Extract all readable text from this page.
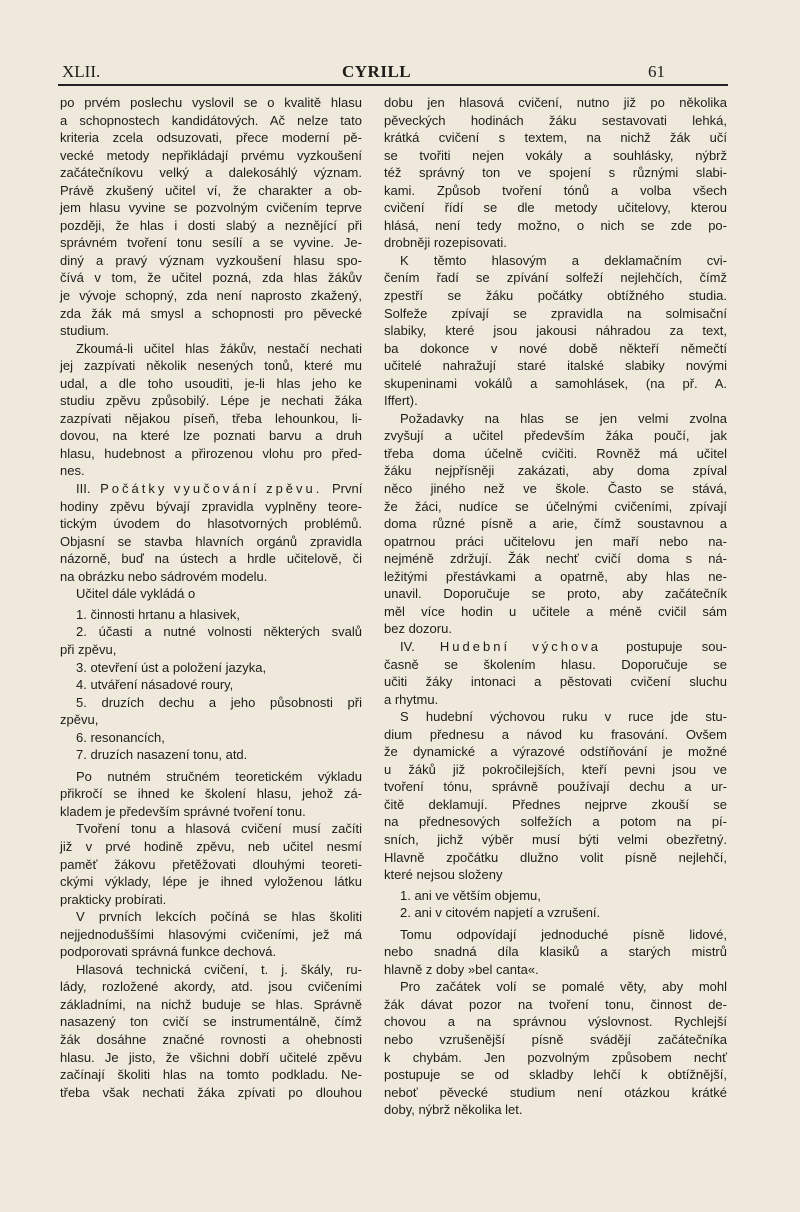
XLII.	CYRILL	61
po prvém poslechu vyslovil se o kvalitě hlasu
a schopnostech kandidátových. Ač nelze tato
kriteria zcela odsuzovati, přece moderní pě-
vecké metody nepřikládají prvému vyzkoušení
začátečníkovu velký a dalekosáhlý význam.
Právě zkušený učitel ví, že charakter a ob-
jem hlasu vyvine se pozvolným cvičením teprve
později, že hlas i dosti slabý a neznějící při
správném tvoření tonu sesílí a se vyvine. Je-
diný a pravý význam vyzkoušení hlasu spo-
čívá v tom, že učitel pozná, zda hlas žákův
je vývoje schopný, zda není naprosto zkažený,
zda žák má smysl a schopnosti pro pěvecké
studium.
Zkoumá-li učitel hlas žákův, nestačí nechati
jej zazpívati několik nesených tonů, které mu
udal, a dle toho usouditi, je-li hlas jeho ke
studiu zpěvu způsobilý. Lépe je nechati žáka
zazpívati nějakou píseň, třeba lehounkou, li-
dovou, na které lze poznati barvu a druh
hlasu, hudebnost a přirozenou vlohu pro před-
nes.
III. Počátky vyučování zpěvu. První
hodiny zpěvu bývají zpravidla vyplněny teore-
tickým úvodem do hlasotvorných problémů.
Objasní se stavba hlavních orgánů zpravidla
názorně, buď na ústech a hrdle učitelově, či
na obrázku nebo sádrovém modelu.
Učitel dále vykládá o
1. činnosti hrtanu a hlasivek,
2. účasti a nutné volnosti některých svalů
při zpěvu,
3. otevření úst a položení jazyka,
4. utváření násadové roury,
5. druzích dechu a jeho působnosti při
zpěvu,
6. resonancích,
7. druzích nasazení tonu, atd.
Po nutném stručném teoretickém výkladu
přikročí se ihned ke školení hlasu, jehož zá-
kladem je především správné tvoření tonu.
Tvoření tonu a hlasová cvičení musí začíti
již v prvé hodině zpěvu, neb učitel nesmí
paměť žákovu přetěžovati dlouhými teoreti-
ckými výklady, lépe je ihned vyloženou látku
prakticky probírati.
V prvních lekcích počíná se hlas školiti
nejjednoduššími hlasovými cvičeními, jež má
podporovati správná funkce dechová.
Hlasová technická cvičení, t. j. škály, ru-
lády, rozložené akordy, atd. jsou cvičeními
základními, na nichž buduje se hlas. Správně
nasazený ton cvičí se instrumentálně, čímž
žák dosáhne značné rovnosti a ohebnosti
hlasu. Je jisto, že všichni dobří učitelé zpěvu
začínají školiti hlas na tomto podkladu. Ne-
třeba však nechati žáka zpívati po dlouhou
dobu jen hlasová cvičení, nutno již po několika
pěveckých hodinách žáku sestavovati lehká,
krátká cvičení s textem, na nichž žák učí
se tvořiti nejen vokály a souhlásky, nýbrž
též správný ton ve spojení s různými slabi-
kami. Způsob tvoření tónů a volba všech
cvičení řídí se dle metody učitelovy, kterou
hlásá, není tedy možno, o nich se zde po-
drobněji rozepisovati.
K těmto hlasovým a deklamačním cvi-
čením řadí se zpívání solfeží nejlehčích, čímž
zpestří se žáku počátky obtížného studia.
Solfeže zpívají se zpravidla na solmisační
slabiky, které jsou jakousi náhradou za text,
ba dokonce v nové době někteří němečtí
učitelé nahražují staré italské slabiky novými
skupeninami vokálů a samohlásek, (na př. A.
Iffert).
Požadavky na hlas se jen velmi zvolna
zvyšují a učitel především žáka poučí, jak
třeba doma účelně cvičiti. Rovněž má učitel
žáku nejpřísněji zakázati, aby doma zpíval
něco jiného než ve škole. Často se stává,
že žáci, nudíce se účelnými cvičeními, zpívají
doma různé písně a arie, čímž soustavnou a
opatrnou práci učitelovu jen maří nebo na-
nejméně zdržují. Žák nechť cvičí doma s ná-
ležitými přestávkami a opatrně, aby hlas ne-
unavil. Doporučuje se proto, aby začátečník
měl více hodin u učitele a méně cvičil sám
bez dozoru.
IV. Hudební výchova postupuje sou-
časně se školením hlasu. Doporučuje se
učiti žáky intonaci a pěstovati cvičení sluchu
a rhytmu.
S hudební výchovou ruku v ruce jde stu-
dium přednesu a návod ku frasování. Ovšem
že dynamické a výrazové odstíňování je možné
u žáků již pokročilejších, kteří pevni jsou ve
tvoření tónu, správně používají dechu a ur-
čitě deklamují. Přednes nejprve zkouší se
na přednesových solfežích a potom na pí-
sních, jichž výběr musí býti velmi obezřetný.
Hlavně zpočátku dlužno volit písně nejlehčí,
které nejsou složeny
1. ani ve větším objemu,
2. ani v citovém napjetí a vzrušení.
Tomu odpovídají jednoduché písně lidové,
nebo snadná díla klasiků a starých mistrů
hlavně z doby »bel canta«.
Pro začátek volí se pomalé věty, aby mohl
žák dávat pozor na tvoření tonu, činnost de-
chovou a na správnou výslovnost. Rychlejší
nebo vzrušenější písně svádějí začátečníka
k chybám. Jen pozvolným způsobem nechť
postupuje se od skladby lehčí k obtížnější,
neboť pěvecké studium není otázkou krátké
doby, nýbrž několika let.
